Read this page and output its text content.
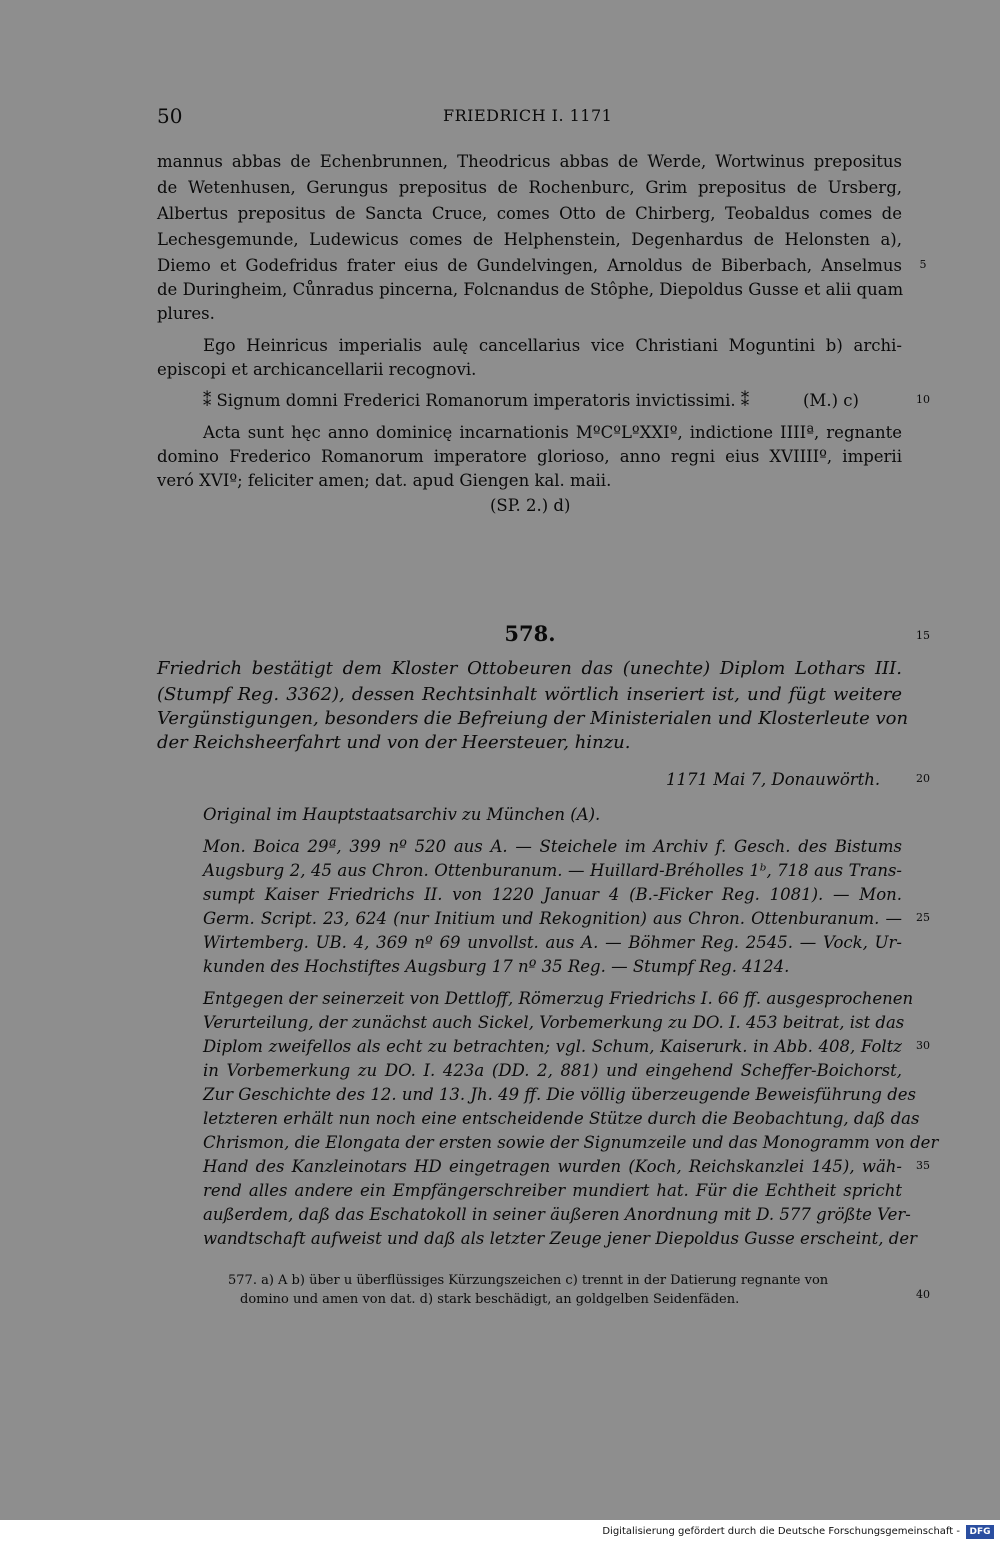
50	FRIEDRICH I. 1171
mannus abbas de Echenbrunnen, Theodricus abbas de Werde, Wortwinus prepositus
de Wetenhusen, Gerungus prepositus de Rochenburc, Grim prepositus de Ursberg,
Albertus prepositus de Sancta Cruce, comes Otto de Chirberg, Teobaldus comes de
Lechesgemunde, Ludewicus comes de Helphenstein, Degenhardus de Helonsten a),
Diemo et Godefridus frater eius de Gundelvingen, Arnoldus de Biberbach, Anselmus
de Duringheim, Cůnradus pincerna, Folcnandus de Stôphe, Diepoldus Gusse et alii quam
plures.
Ego Heinricus imperialis aulę cancellarius vice Christiani Moguntini b) archi-
episcopi et archicancellarii recognovi.
⁑ Signum domni Frederici Romanorum imperatoris invictissimi. ⁑	(M.) c)
Acta sunt hęc anno dominicę incarnationis MºCºLºXXIº, indictione IIIIª, regnante
domino Frederico Romanorum imperatore glorioso, anno regni eius XVIIIIº, imperii
veró XVIº; feliciter amen; dat. apud Giengen kal. maii.
(SP. 2.) d)
578.
Friedrich bestätigt dem Kloster Ottobeuren das (unechte) Diplom Lothars III.
(Stumpf Reg. 3362), dessen Rechtsinhalt wörtlich inseriert ist, und fügt weitere
Vergünstigungen, besonders die Befreiung der Ministerialen und Klosterleute von
der Reichsheerfahrt und von der Heersteuer, hinzu.
1171 Mai 7, Donauwörth.
Original im Hauptstaatsarchiv zu München (A).
Mon. Boica 29ª, 399 nº 520 aus A. — Steichele im Archiv f. Gesch. des Bistums
Augsburg 2, 45 aus Chron. Ottenburanum. — Huillard-Bréholles 1ᵇ, 718 aus Trans-
sumpt Kaiser Friedrichs II. von 1220 Januar 4 (B.-Ficker Reg. 1081). — Mon.
Germ. Script. 23, 624 (nur Initium und Rekognition) aus Chron. Ottenburanum. —
Wirtemberg. UB. 4, 369 nº 69 unvollst. aus A. — Böhmer Reg. 2545. — Vock, Ur-
kunden des Hochstiftes Augsburg 17 nº 35 Reg. — Stumpf Reg. 4124.
Entgegen der seinerzeit von Dettloff, Römerzug Friedrichs I. 66 ff. ausgesprochenen
Verurteilung, der zunächst auch Sickel, Vorbemerkung zu DO. I. 453 beitrat, ist das
Diplom zweifellos als echt zu betrachten; vgl. Schum, Kaiserurk. in Abb. 408, Foltz
in Vorbemerkung zu DO. I. 423a (DD. 2, 881) und eingehend Scheffer-Boichorst,
Zur Geschichte des 12. und 13. Jh. 49 ff. Die völlig überzeugende Beweisführung des
letzteren erhält nun noch eine entscheidende Stütze durch die Beobachtung, daß das
Chrismon, die Elongata der ersten sowie der Signumzeile und das Monogramm von der
Hand des Kanzleinotars HD eingetragen wurden (Koch, Reichskanzlei 145), wäh-
rend alles andere ein Empfängerschreiber mundiert hat. Für die Echtheit spricht
außerdem, daß das Eschatokoll in seiner äußeren Anordnung mit D. 577 größte Ver-
wandtschaft aufweist und daß als letzter Zeuge jener Diepoldus Gusse erscheint, der
577. a) A b) über u überflüssiges Kürzungszeichen c) trennt in der Datierung regnante von
domino und amen von dat. d) stark beschädigt, an goldgelben Seidenfäden.
5
10
15
20
25
30
35
40
Digitalisierung gefördert durch die Deutsche Forschungsgemeinschaft -	DFG
